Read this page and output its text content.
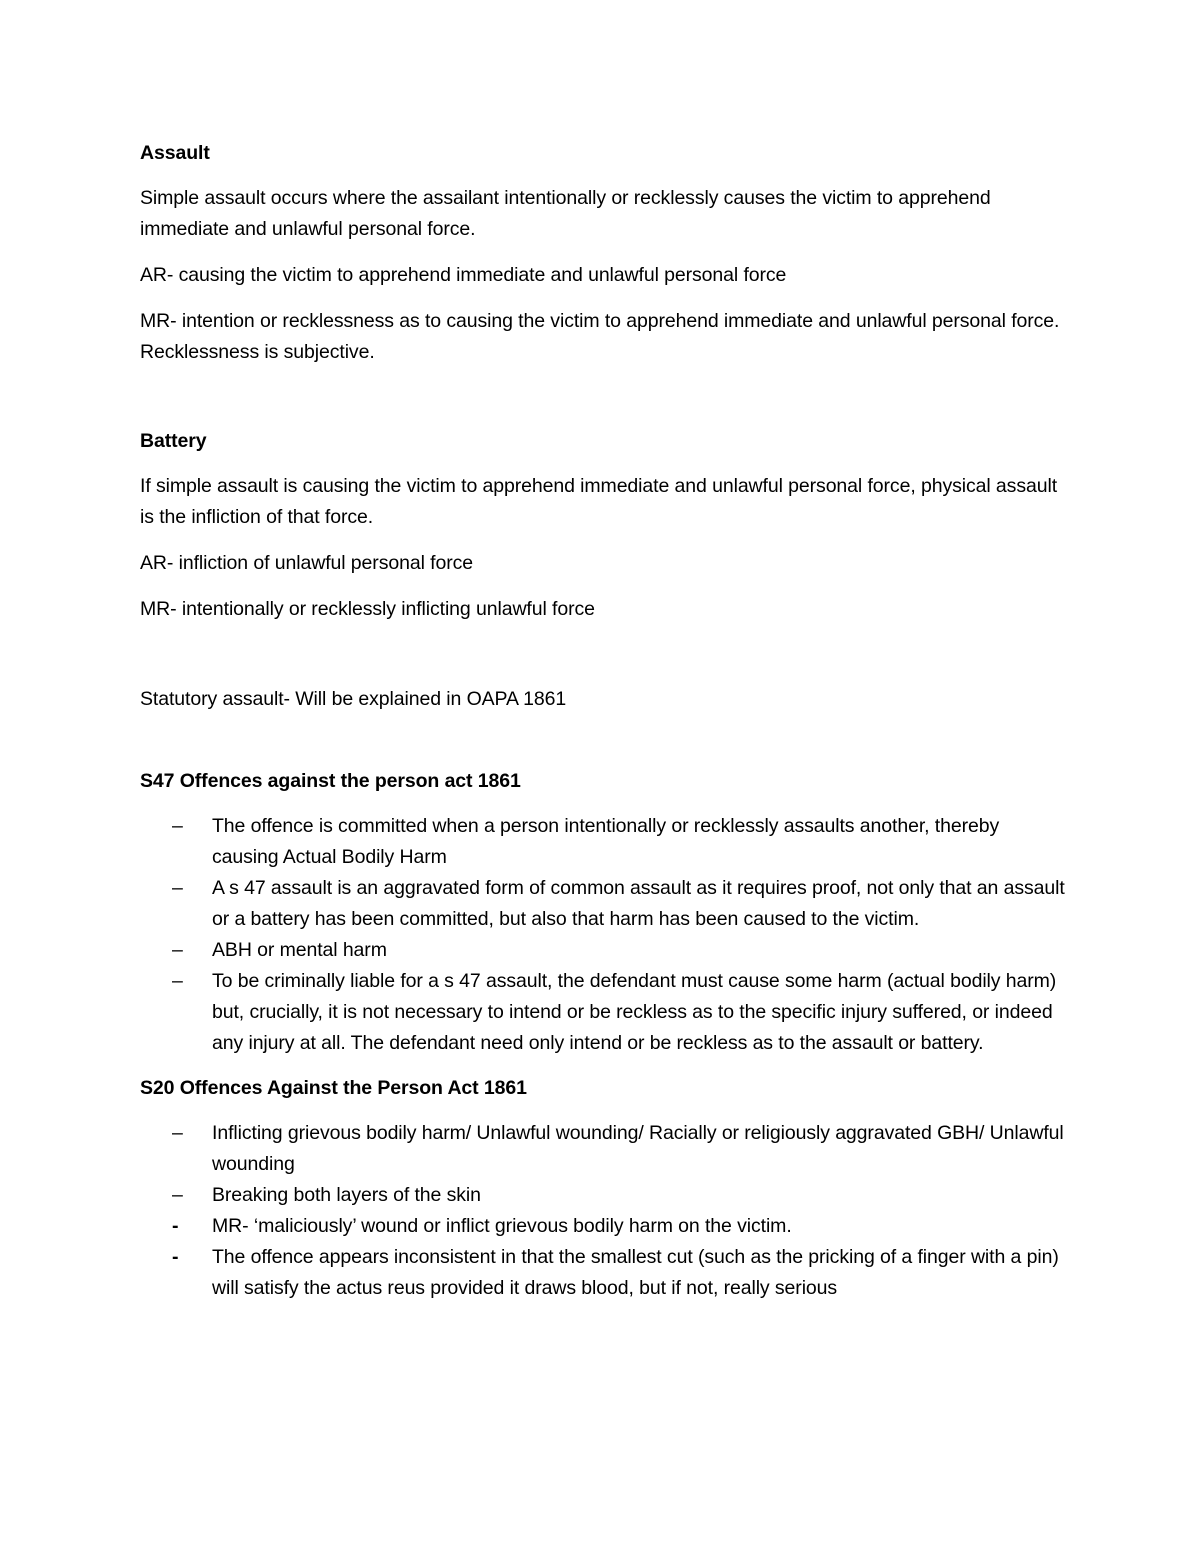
Assault
Simple assault occurs where the assailant intentionally or recklessly causes the victim to apprehend immediate and unlawful personal force.
AR- causing the victim to apprehend immediate and unlawful personal force
MR- intention or recklessness as to causing the victim to apprehend immediate and unlawful personal force. Recklessness is subjective.
Battery
If simple assault is causing the victim to apprehend immediate and unlawful personal force, physical assault is the infliction of that force.
AR- infliction of unlawful personal force
MR- intentionally or recklessly inflicting unlawful force
Statutory assault- Will be explained in OAPA 1861
S47 Offences against the person act 1861
– The offence is committed when a person intentionally or recklessly assaults another, thereby causing Actual Bodily Harm
– A s 47 assault is an aggravated form of common assault as it requires proof, not only that an assault or a battery has been committed, but also that harm has been caused to the victim.
– ABH or mental harm
– To be criminally liable for a s 47 assault, the defendant must cause some harm (actual bodily harm) but, crucially, it is not necessary to intend or be reckless as to the specific injury suffered, or indeed any injury at all. The defendant need only intend or be reckless as to the assault or battery.
S20 Offences Against the Person Act 1861
– Inflicting grievous bodily harm/ Unlawful wounding/ Racially or religiously aggravated GBH/ Unlawful wounding
– Breaking both layers of the skin
- MR- ‘maliciously’ wound or inflict grievous bodily harm on the victim.
- The offence appears inconsistent in that the smallest cut (such as the pricking of a finger with a pin) will satisfy the actus reus provided it draws blood, but if not, really serious
